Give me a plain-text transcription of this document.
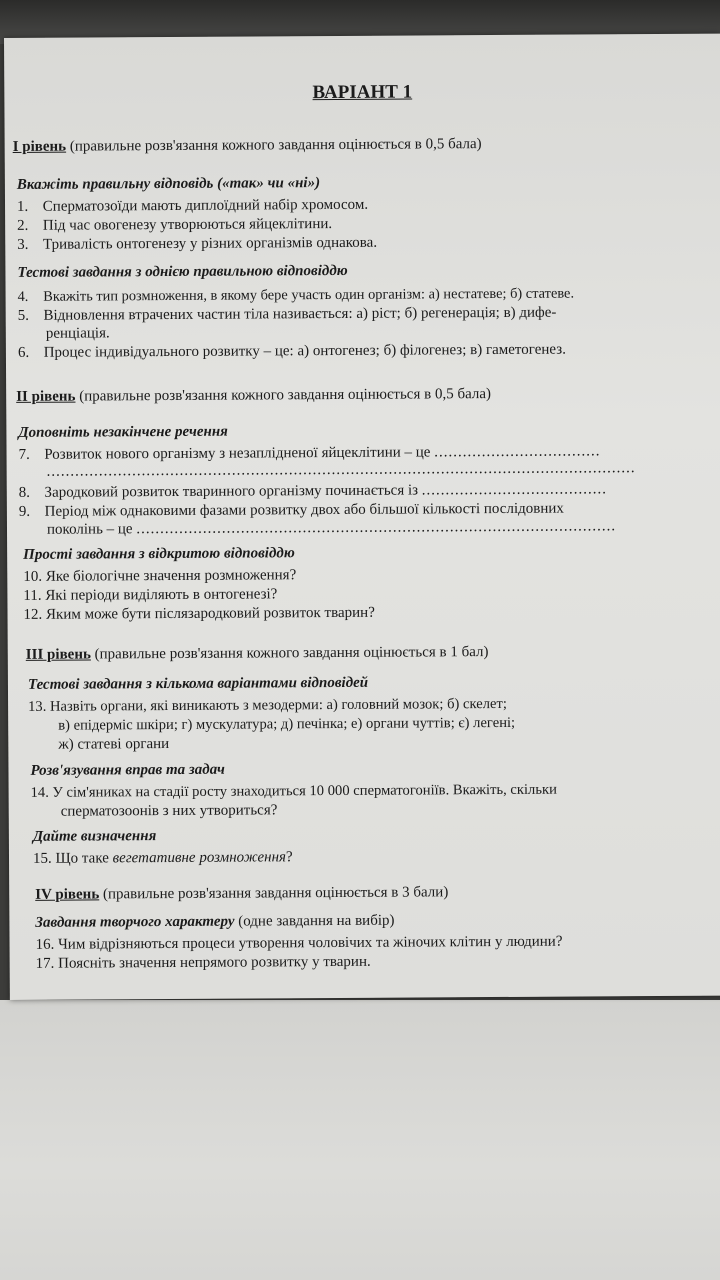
ВАРІАНТ 1
І рівень (правильне розв'язання кожного завдання оцінюється в 0,5 бала)
Вкажіть правильну відповідь («так» чи «ні»)
1. Сперматозоїди мають диплоїдний набір хромосом.
2. Під час овогенезу утворюються яйцеклітини.
3. Тривалість онтогенезу у різних організмів однакова.
Тестові завдання з однією правильною відповіддю
4. Вкажіть тип розмноження, в якому бере участь один організм: а) нестатеве; б) статеве.
5. Відновлення втрачених частин тіла називається: а) ріст; б) регенерація; в) дифе-
ренціація.
6. Процес індивідуального розвитку – це: а) онтогенез; б) філогенез; в) гаметогенез.
ІІ рівень (правильне розв'язання кожного завдання оцінюється в 0,5 бала)
Доповніть незакінчене речення
7. Розвиток нового організму з незаплідненої яйцеклітини – це ...................................
............................................................................................................................
8. Зародковий розвиток тваринного організму починається із .......................................
9. Період між однаковими фазами розвитку двох або більшої кількості послідовних
поколінь – це .....................................................................................................
Прості завдання з відкритою відповіддю
10. Яке біологічне значення розмноження?
11. Які періоди виділяють в онтогенезі?
12. Яким може бути післязародковий розвиток тварин?
ІІІ рівень (правильне розв'язання кожного завдання оцінюється в 1 бал)
Тестові завдання з кількома варіантами відповідей
13. Назвіть органи, які виникають з мезодерми: а) головний мозок; б) скелет;
в) епідерміс шкіри; г) мускулатура; д) печінка; е) органи чуттів; є) легені;
ж) статеві органи
Розв'язування вправ та задач
14. У сім'яниках на стадії росту знаходиться 10 000 сперматогоніїв. Вкажіть, скільки
сперматозоонів з них утвориться?
Дайте визначення
15. Що таке вегетативне розмноження?
IV рівень (правильне розв'язання завдання оцінюється в 3 бали)
Завдання творчого характеру (одне завдання на вибір)
16. Чим відрізняються процеси утворення чоловічих та жіночих клітин у людини?
17. Поясніть значення непрямого розвитку у тварин.
